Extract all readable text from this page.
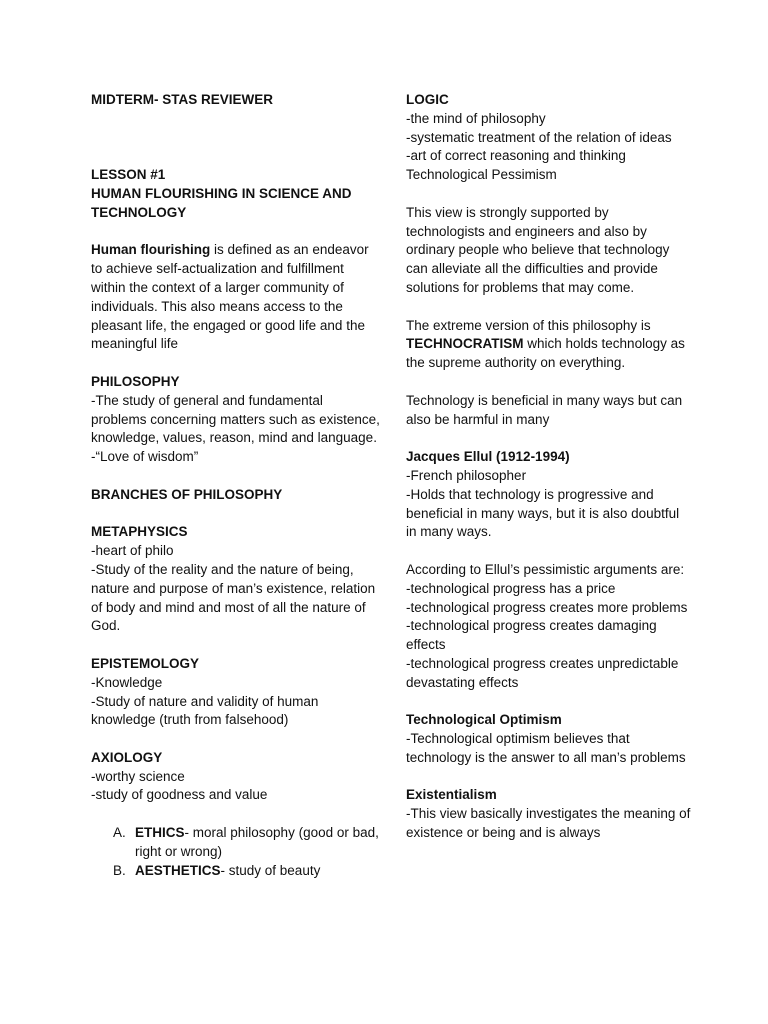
MIDTERM- STAS REVIEWER

LESSON #1

HUMAN FLOURISHING IN SCIENCE AND TECHNOLOGY

Human flourishing is defined as an endeavor to achieve self-actualization and fulfillment within the context of a larger community of individuals. This also means access to the pleasant life, the engaged or good life and the meaningful life

PHILOSOPHY

-The study of general and fundamental problems concerning matters such as existence, knowledge, values, reason, mind and language.

-“Love of wisdom”

BRANCHES OF PHILOSOPHY

METAPHYSICS

-heart of philo

-Study of the reality and the nature of being, nature and purpose of man’s existence, relation of body and mind and most of all the nature of God.

EPISTEMOLOGY

-Knowledge

-Study of nature and validity of human knowledge (truth from falsehood)

AXIOLOGY

-worthy science

-study of goodness and value

A. ETHICS- moral philosophy (good or bad, right or wrong)
B. AESTHETICS- study of beauty

LOGIC

-the mind of philosophy

-systematic treatment of the relation of ideas

-art of correct reasoning and thinking

Technological Pessimism

This view is strongly supported by technologists and engineers and also by ordinary people who believe that technology can alleviate all the difficulties and provide solutions for problems that may come.

The extreme version of this philosophy is TECHNOCRATISM which holds technology as the supreme authority on everything.

Technology is beneficial in many ways but can also be harmful in many

Jacques Ellul (1912-1994)

-French philosopher

-Holds that technology is progressive and beneficial in many ways, but it is also doubtful in many ways.

According to Ellul’s pessimistic arguments are:

-technological progress has a price

-technological progress creates more problems

-technological progress creates damaging effects

-technological progress creates unpredictable devastating effects

Technological Optimism

-Technological optimism believes that technology is the answer to all man’s problems

Existentialism

-This view basically investigates the meaning of existence or being and is always
